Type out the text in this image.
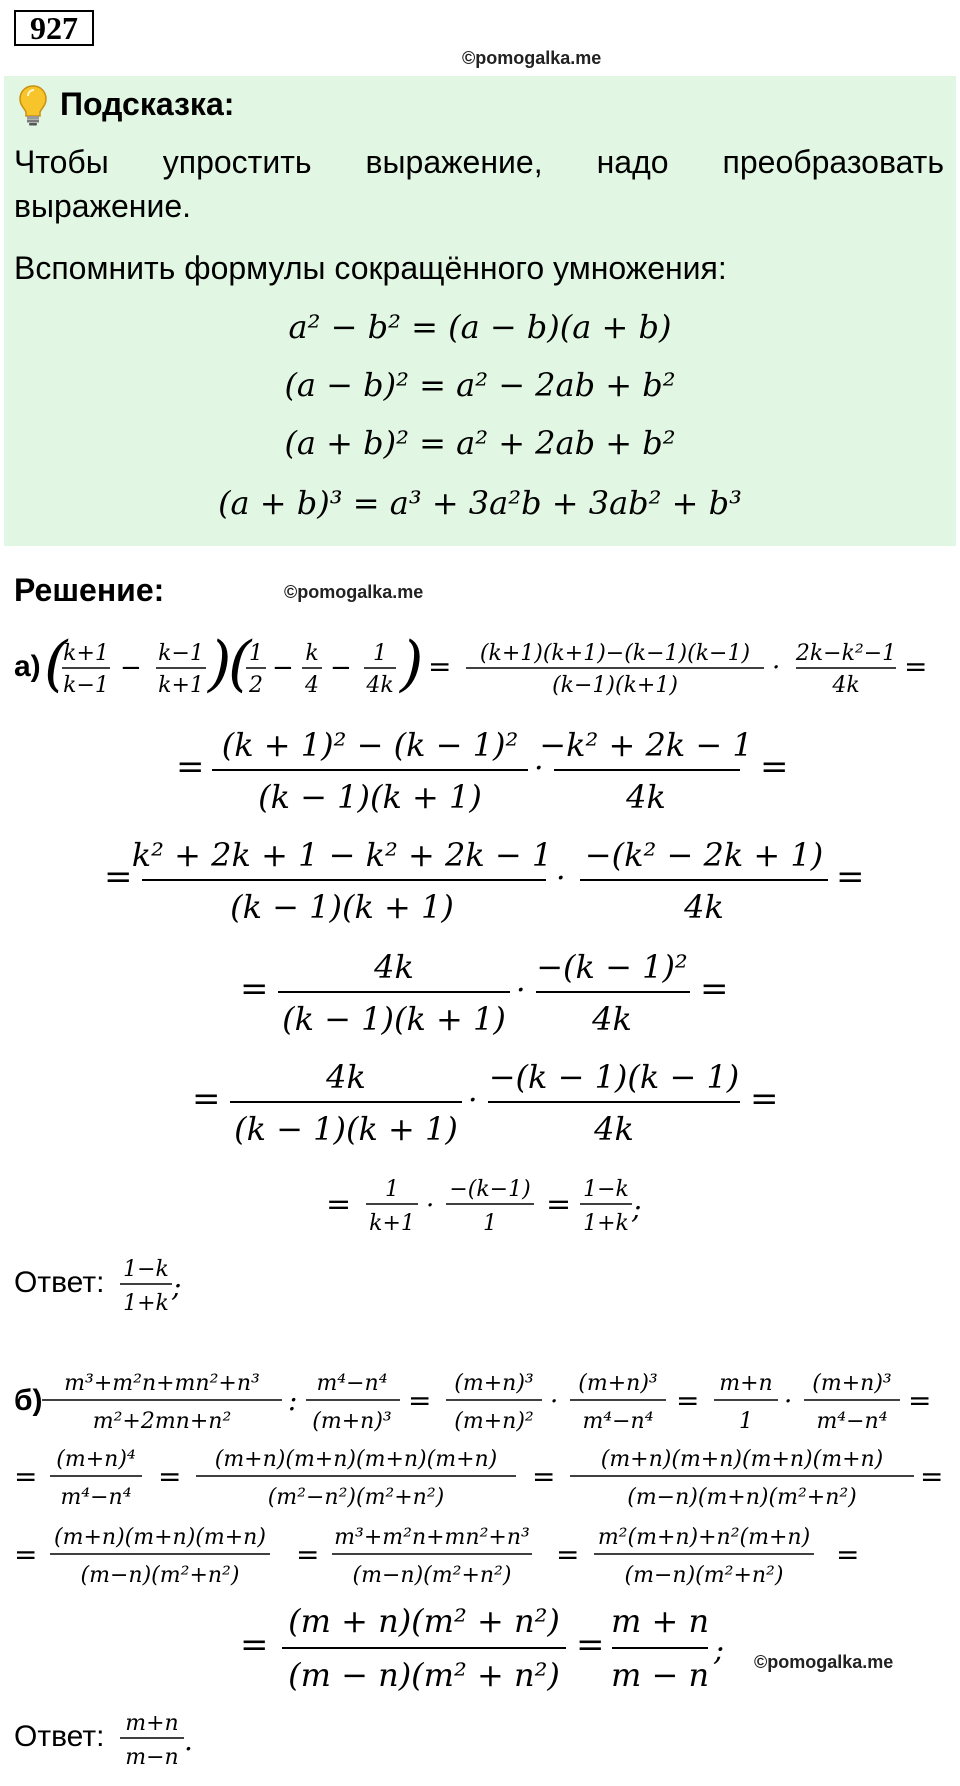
927
©pomogalka.me
Подсказка:
Чтобы упростить выражение, надо преобразовать
выражение.
Вспомнить формулы сокращённого умножения:
a² − b² = (a − b)(a + b)
(a − b)² = a² − 2ab + b²
(a + b)² = a² + 2ab + b²
(a + b)³ = a³ + 3a²b + 3ab² + b³
Решение:	©pomogalka.me
а) (
k+1
k−1
− k−1
k+1 )
(
1
2
− k
4
− 1
4k ) = (k+1)(k+1)−(k−1)(k−1)
(k−1)(k+1)
· 2k−k²−1
4k
=
=
(k + 1)² − (k − 1)²
(k − 1)(k + 1)
·
−k² + 2k − 1
4k
=
=
k² + 2k + 1 − k² + 2k − 1
(k − 1)(k + 1)
·
−(k² − 2k + 1)
4k
=
=
4k
(k − 1)(k + 1)
·
−(k − 1)²
4k
=
=
4k
(k − 1)(k + 1)
·
−(k − 1)(k − 1)
4k
=
= 1
k+1
·
−(k−1)
1
= 1−k
1+k ;
Ответ: 1−k
1+k
;
б)
m³+m²n+mn²+n³
m²+2mn+n²
:
m⁴−n⁴
(m+n)³
=
(m+n)³
(m+n)²
·
(m+n)³
m⁴−n⁴
=
m+n
1
·
(m+n)³
m⁴−n⁴
=
=
(m+n)⁴
m⁴−n⁴
=
(m+n)(m+n)(m+n)(m+n)
(m²−n²)(m²+n²)
=
(m+n)(m+n)(m+n)(m+n)
(m−n)(m+n)(m²+n²)
=
=
(m+n)(m+n)(m+n)
(m−n)(m²+n²)
=
m³+m²n+mn²+n³
(m−n)(m²+n²)
=
m²(m+n)+n²(m+n)
(m−n)(m²+n²)
=
=
(m + n)(m² + n²)
(m − n)(m² + n²)
=
m + n
m − n
; ©pomogalka.me
Ответ: m+n
m−n
.
